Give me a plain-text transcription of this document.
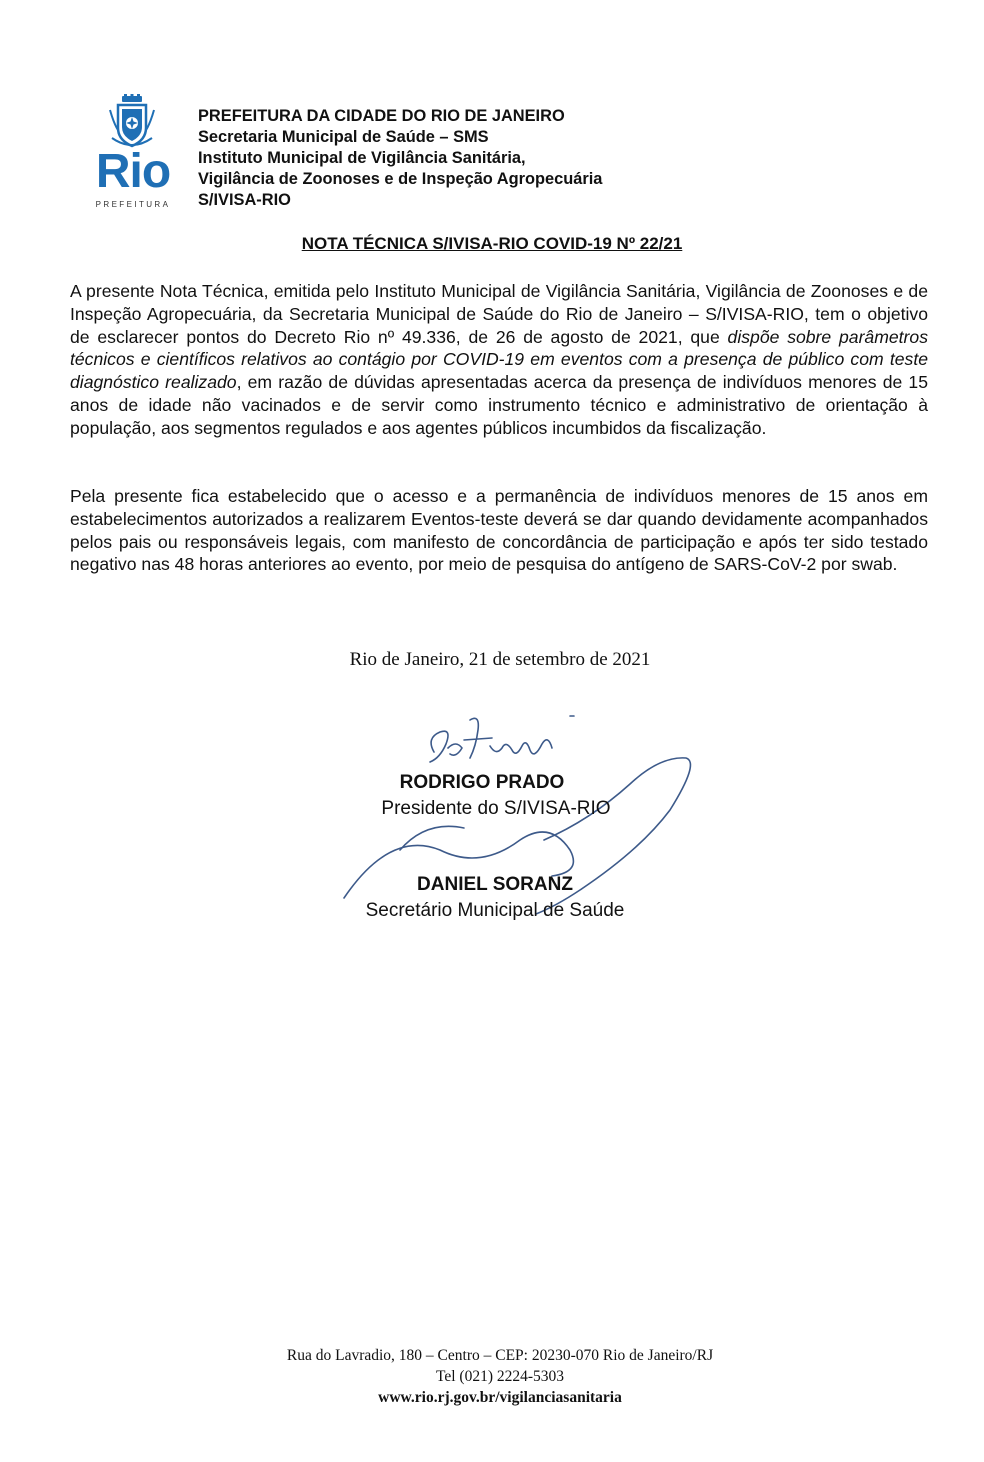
Rio
PREFEITURA
PREFEITURA DA CIDADE DO RIO DE JANEIRO
Secretaria Municipal de Saúde – SMS
Instituto Municipal de Vigilância Sanitária,
Vigilância de Zoonoses e de Inspeção Agropecuária
S/IVISA-RIO
NOTA TÉCNICA S/IVISA-RIO COVID-19 Nº 22/21
A presente Nota Técnica, emitida pelo Instituto Municipal de Vigilância Sanitária, Vigilância de Zoonoses e de Inspeção Agropecuária, da Secretaria Municipal de Saúde do Rio de Janeiro – S/IVISA-RIO, tem o objetivo de esclarecer pontos do Decreto Rio nº 49.336, de 26 de agosto de 2021, que dispõe sobre parâmetros técnicos e científicos relativos ao contágio por COVID-19 em eventos com a presença de público com teste diagnóstico realizado, em razão de dúvidas apresentadas acerca da presença de indivíduos menores de 15 anos de idade não vacinados e de servir como instrumento técnico e administrativo de orientação à população, aos segmentos regulados e aos agentes públicos incumbidos da fiscalização.
Pela presente fica estabelecido que o acesso e a permanência de indivíduos menores de 15 anos em estabelecimentos autorizados a realizarem Eventos-teste deverá se dar quando devidamente acompanhados pelos pais ou responsáveis legais, com manifesto de concordância de participação e após ter sido testado negativo nas 48 horas anteriores ao evento, por meio de pesquisa do antígeno de SARS-CoV-2 por swab.
Rio de Janeiro, 21 de setembro de 2021
RODRIGO PRADO
Presidente do S/IVISA-RIO
DANIEL SORANZ
Secretário Municipal de Saúde
Rua do Lavradio, 180 – Centro – CEP: 20230-070 Rio de Janeiro/RJ
Tel (021) 2224-5303
www.rio.rj.gov.br/vigilanciasanitaria
